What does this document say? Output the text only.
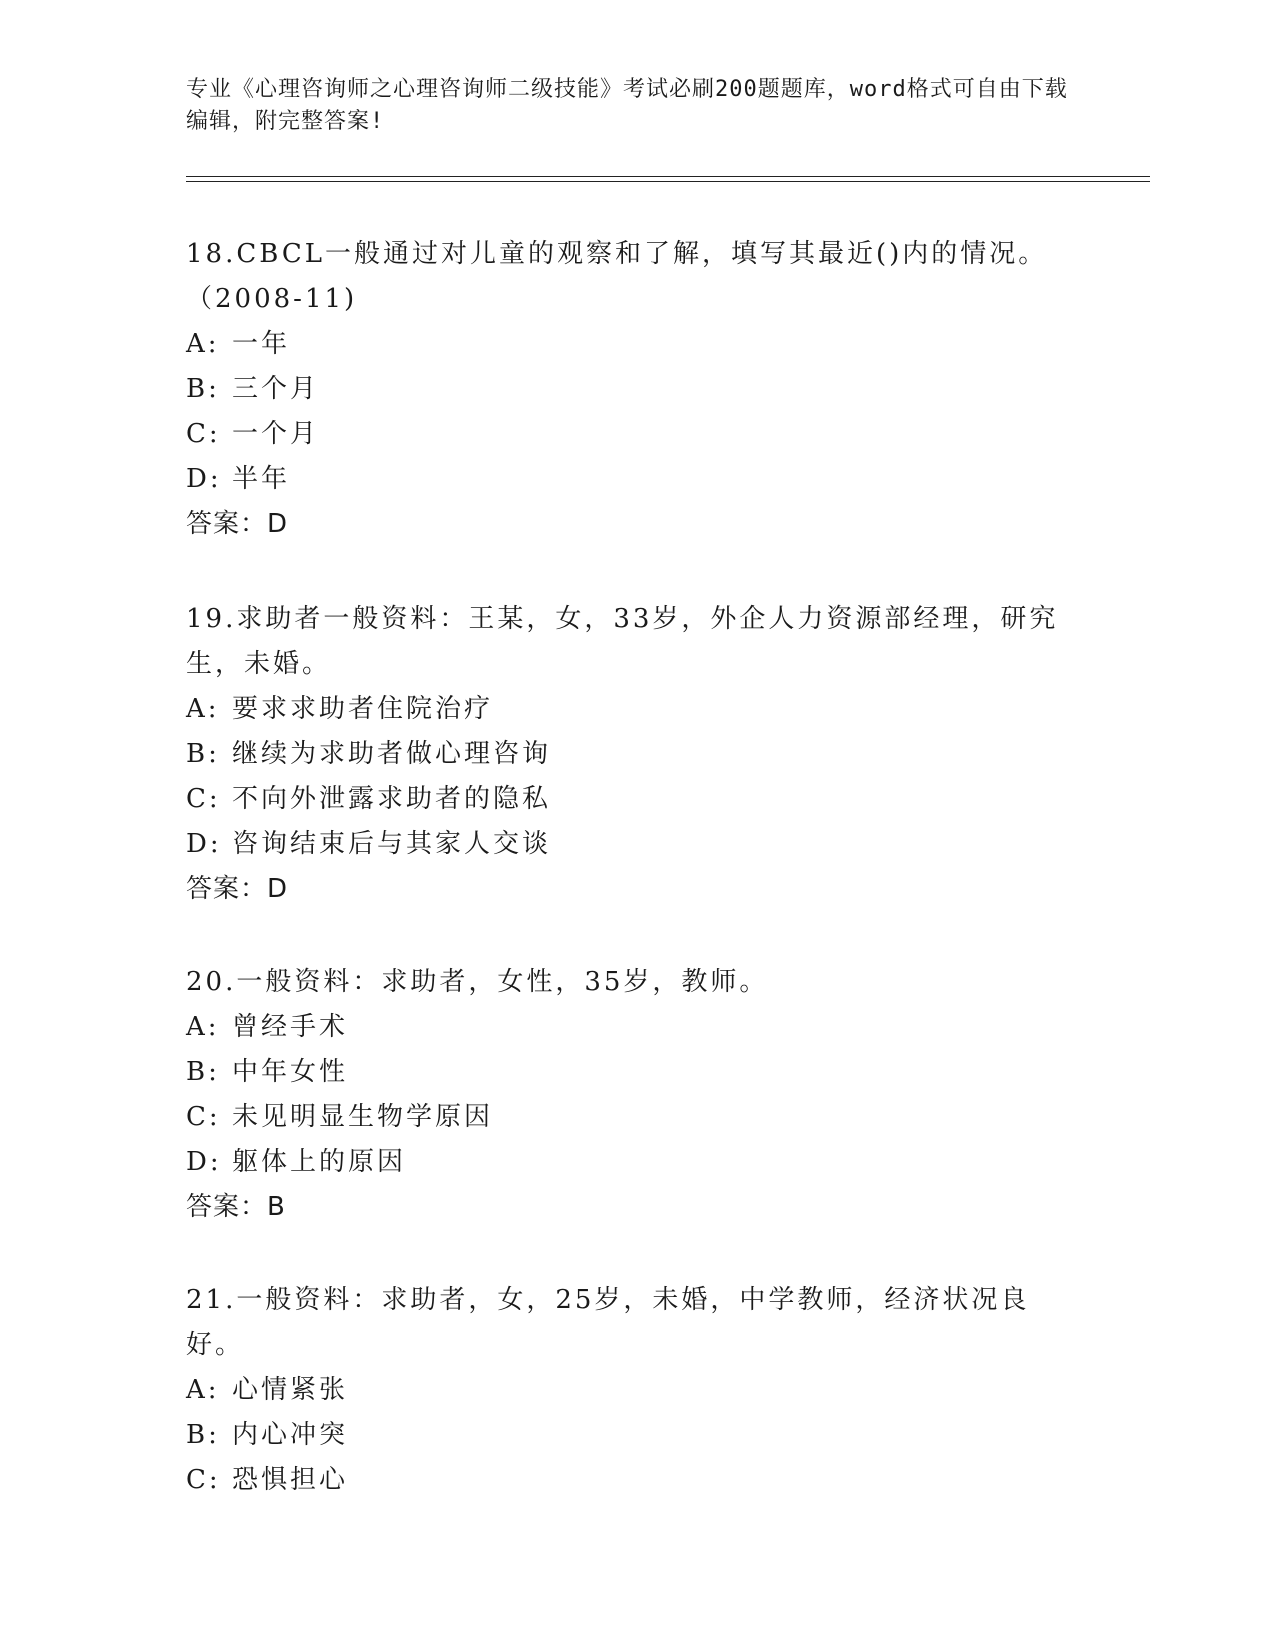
专业《心理咨询师之心理咨询师二级技能》考试必刷200题题库，word格式可自由下载编辑，附完整答案!

18.CBCL一般通过对儿童的观察和了解，填写其最近()内的情况。（2008-11)

A: 一年

B: 三个月

C: 一个月

D: 半年

答案：D

19.求助者一般资料：王某，女，33岁，外企人力资源部经理，研究生，未婚。

A: 要求求助者住院治疗

B: 继续为求助者做心理咨询

C: 不向外泄露求助者的隐私

D: 咨询结束后与其家人交谈

答案：D

20.一般资料：求助者，女性，35岁，教师。

A: 曾经手术

B: 中年女性

C: 未见明显生物学原因

D: 躯体上的原因

答案：B

21.一般资料：求助者，女，25岁，未婚，中学教师，经济状况良好。

A: 心情紧张

B: 内心冲突

C: 恐惧担心
